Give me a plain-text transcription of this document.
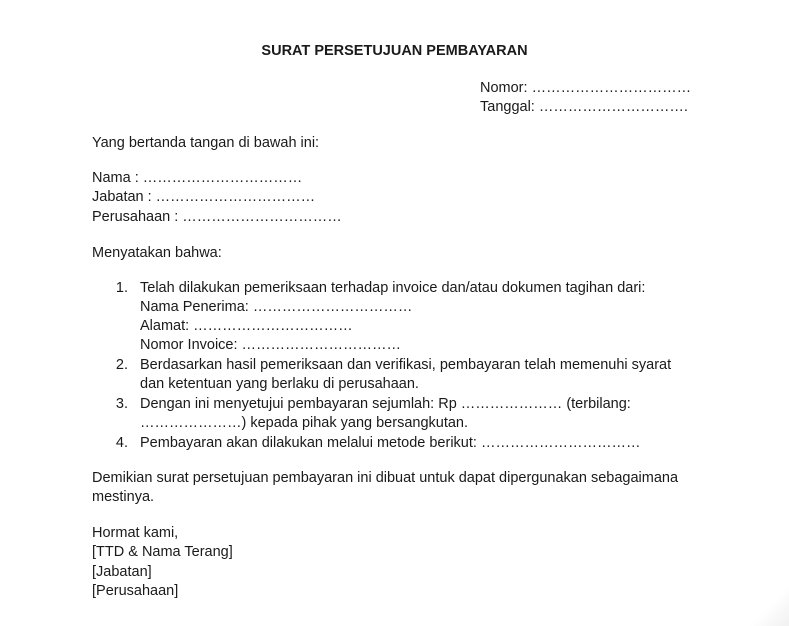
SURAT PERSETUJUAN PEMBAYARAN
Nomor: ……………………………
Tanggal: ………………………….
Yang bertanda tangan di bawah ini:
Nama : ……………………………
Jabatan : ……………………………
Perusahaan : ……………………………
Menyatakan bahwa:
1. Telah dilakukan pemeriksaan terhadap invoice dan/atau dokumen tagihan dari:
Nama Penerima: ……………………………
Alamat: ……………………………
Nomor Invoice: ……………………………
2. Berdasarkan hasil pemeriksaan dan verifikasi, pembayaran telah memenuhi syarat
dan ketentuan yang berlaku di perusahaan.
3. Dengan ini menyetujui pembayaran sejumlah: Rp ………………… (terbilang:
…………………) kepada pihak yang bersangkutan.
4. Pembayaran akan dilakukan melalui metode berikut: ……………………………
Demikian surat persetujuan pembayaran ini dibuat untuk dapat dipergunakan sebagaimana
mestinya.
Hormat kami,
[TTD & Nama Terang]
[Jabatan]
[Perusahaan]
